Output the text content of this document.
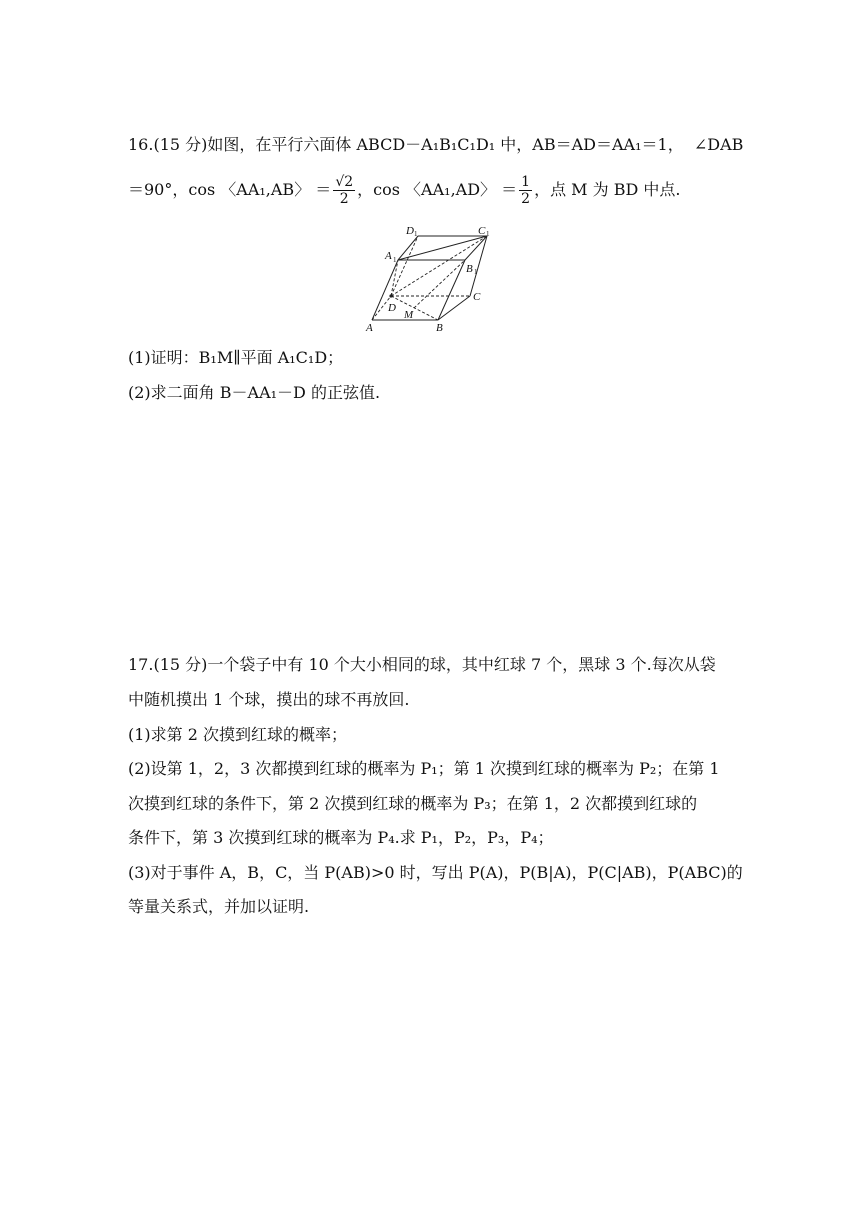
16.(15 分)如图，在平行六面体 ABCD－A₁B₁C₁D₁ 中，AB＝AD＝AA₁＝1， ∠DAB
＝90°，cos 〈AA₁,AB〉 ＝ $\frac{√2}{2}$ ，cos 〈AA₁,AD〉 ＝ $\frac{1}{2}$ ，点 M 为 BD 中点.
A	B
C
D
M
A 1
B 1
C 1
D 1
(1)证明：B₁M∥平面 A₁C₁D；
(2)求二面角 B－AA₁－D 的正弦值.
17.(15 分)一个袋子中有 10 个大小相同的球，其中红球 7 个，黑球 3 个.每次从袋
中随机摸出 1 个球，摸出的球不再放回.
(1)求第 2 次摸到红球的概率；
(2)设第 1，2，3 次都摸到红球的概率为 P₁；第 1 次摸到红球的概率为 P₂；在第 1
次摸到红球的条件下，第 2 次摸到红球的概率为 P₃；在第 1，2 次都摸到红球的
条件下，第 3 次摸到红球的概率为 P₄.求 P₁，P₂，P₃，P₄；
(3)对于事件 A，B，C，当 P(AB)>0 时，写出 P(A)，P(B|A)，P(C|AB)，P(ABC)的
等量关系式，并加以证明.
